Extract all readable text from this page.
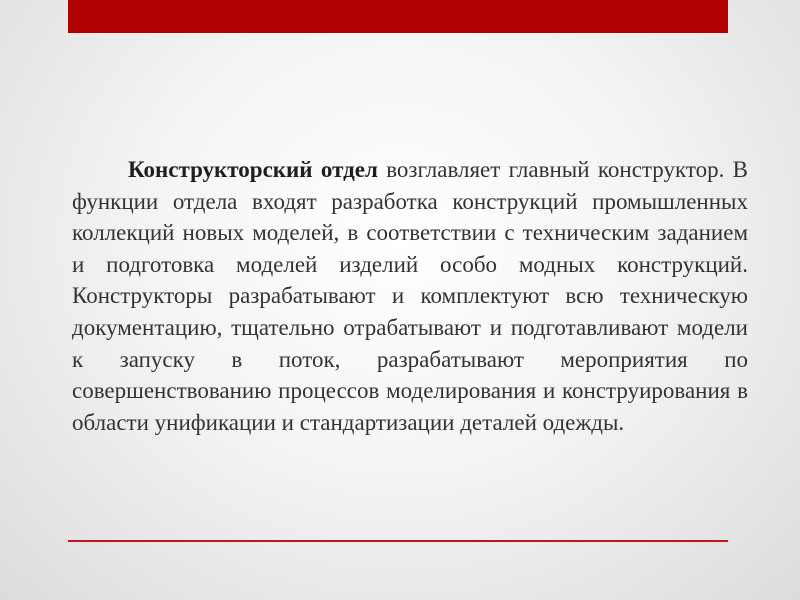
Конструкторский отдел возглавляет главный конструктор. В функции отдела входят разработка конструкций промышленных коллекций новых моделей, в соответствии с техническим заданием и подготовка моделей изделий особо модных конструкций. Конструкторы разрабатывают и комплектуют всю техническую документацию, тщательно отрабатывают и подготавливают модели к запуску в поток, разрабатывают мероприятия по совершенствованию процессов моделирования и конструирования в области унификации и стандартизации деталей одежды.
